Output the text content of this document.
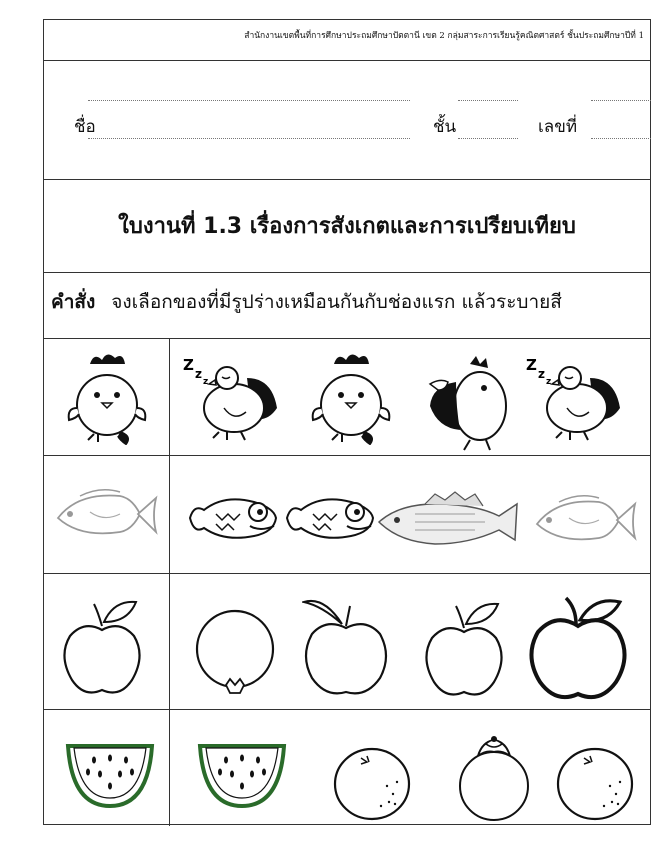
สำนักงานเขตพื้นที่การศึกษาประถมศึกษาปัตตานี เขต 2 กลุ่มสาระการเรียนรู้คณิตศาสตร์ ชั้นประถมศึกษาปีที่ 1
ชื่อ	ชั้น	เลขที่
ใบงานที่ 1.3 เรื่องการสังเกตและการเปรียบเทียบ
คำสั่ง จงเลือกของที่มีรูปร่างเหมือนกันกับช่องแรก แล้วระบายสี
Z z
z
Z z
z
